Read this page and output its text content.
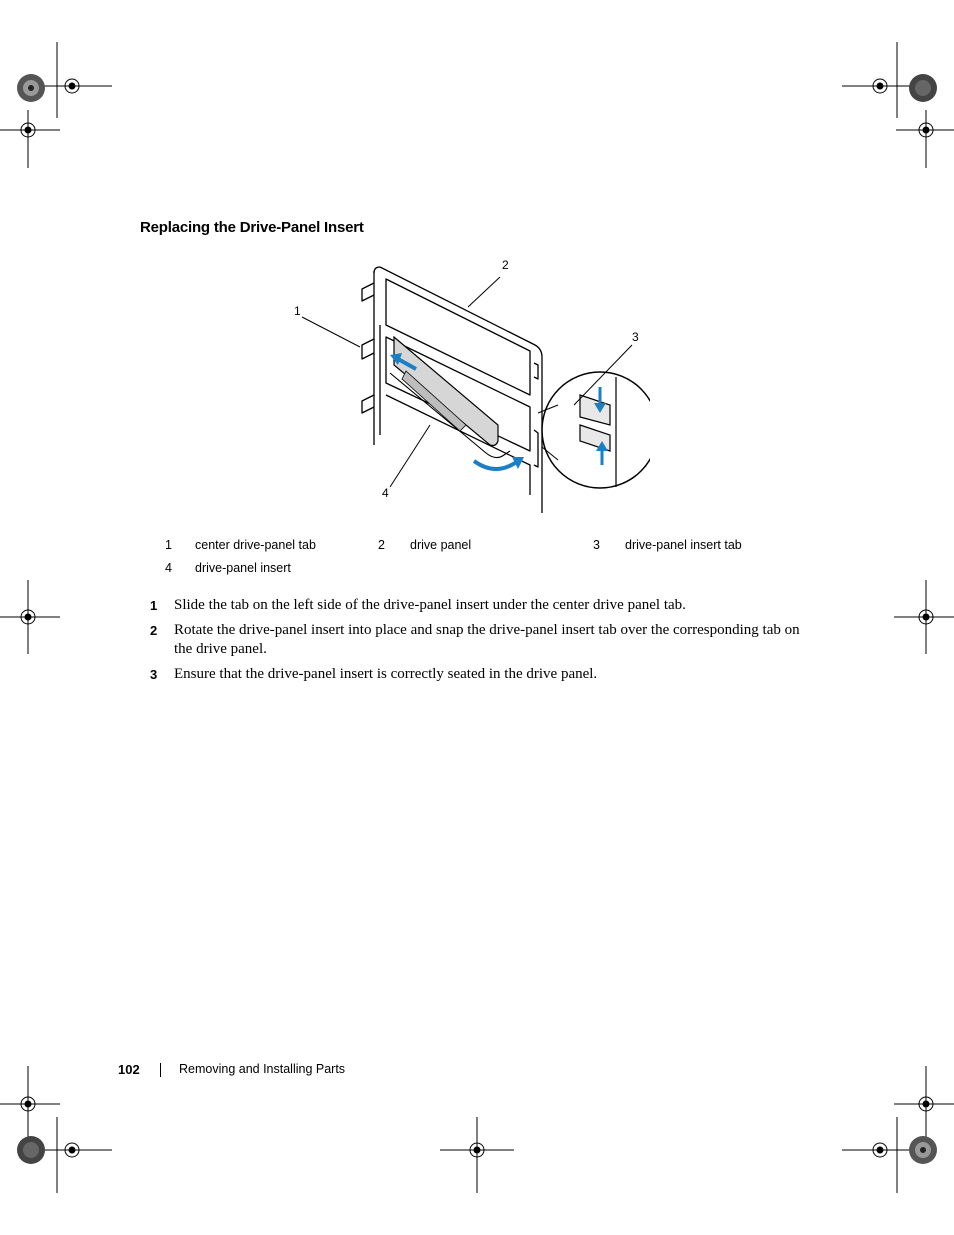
Replacing the Drive-Panel Insert
1
2
3
4
1	center drive-panel tab	2	drive panel	3	drive-panel insert tab
4	drive-panel insert
1 Slide the tab on the left side of the drive-panel insert under the center drive panel tab.
2 Rotate the drive-panel insert into place and snap the drive-panel insert tab over the corresponding tab on the drive panel.
3 Ensure that the drive-panel insert is correctly seated in the drive panel.
102	Removing and Installing Parts
